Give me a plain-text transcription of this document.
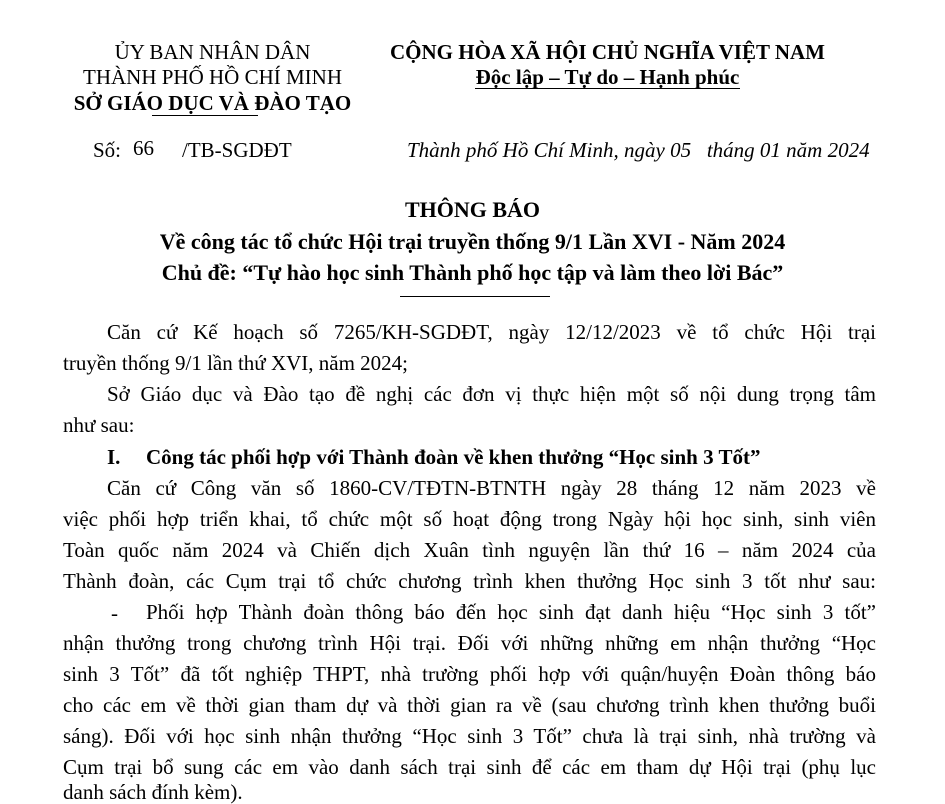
ỦY BAN NHÂN DÂN
THÀNH PHỐ HỒ CHÍ MINH
SỞ GIÁO DỤC VÀ ĐÀO TẠO
CỘNG HÒA XÃ HỘI CHỦ NGHĨA VIỆT NAM
Độc lập – Tự do – Hạnh phúc
Số: 66 /TB-SGDĐT	Thành phố Hồ Chí Minh, ngày 05   tháng 01 năm 2024
THÔNG BÁO
Về công tác tổ chức Hội trại truyền thống 9/1 Lần XVI - Năm 2024
Chủ đề: “Tự hào học sinh Thành phố học tập và làm theo lời Bác”
Căn cứ Kế hoạch số 7265/KH-SGDĐT, ngày 12/12/2023 về tổ chức Hội trại
truyền thống 9/1 lần thứ XVI, năm 2024;
Sở Giáo dục và Đào tạo đề nghị các đơn vị thực hiện một số nội dung trọng tâm
như sau:
I. Công tác phối hợp với Thành đoàn về khen thưởng “Học sinh 3 Tốt”
Căn cứ Công văn số 1860-CV/TĐTN-BTNTH ngày 28 tháng 12 năm 2023 về
việc phối hợp triển khai, tổ chức một số hoạt động trong Ngày hội học sinh, sinh viên
Toàn quốc năm 2024 và Chiến dịch Xuân tình nguyện lần thứ 16 – năm 2024 của
Thành đoàn, các Cụm trại tổ chức chương trình khen thưởng Học sinh 3 tốt như sau:
- Phối hợp Thành đoàn thông báo đến học sinh đạt danh hiệu “Học sinh 3 tốt”
nhận thưởng trong chương trình Hội trại. Đối với những những em nhận thưởng “Học
sinh 3 Tốt” đã tốt nghiệp THPT, nhà trường phối hợp với quận/huyện Đoàn thông báo
cho các em về thời gian tham dự và thời gian ra về (sau chương trình khen thưởng buổi
sáng). Đối với học sinh nhận thưởng “Học sinh 3 Tốt” chưa là trại sinh, nhà trường và
Cụm trại bổ sung các em vào danh sách trại sinh để các em tham dự Hội trại (phụ lục
danh sách đính kèm).
